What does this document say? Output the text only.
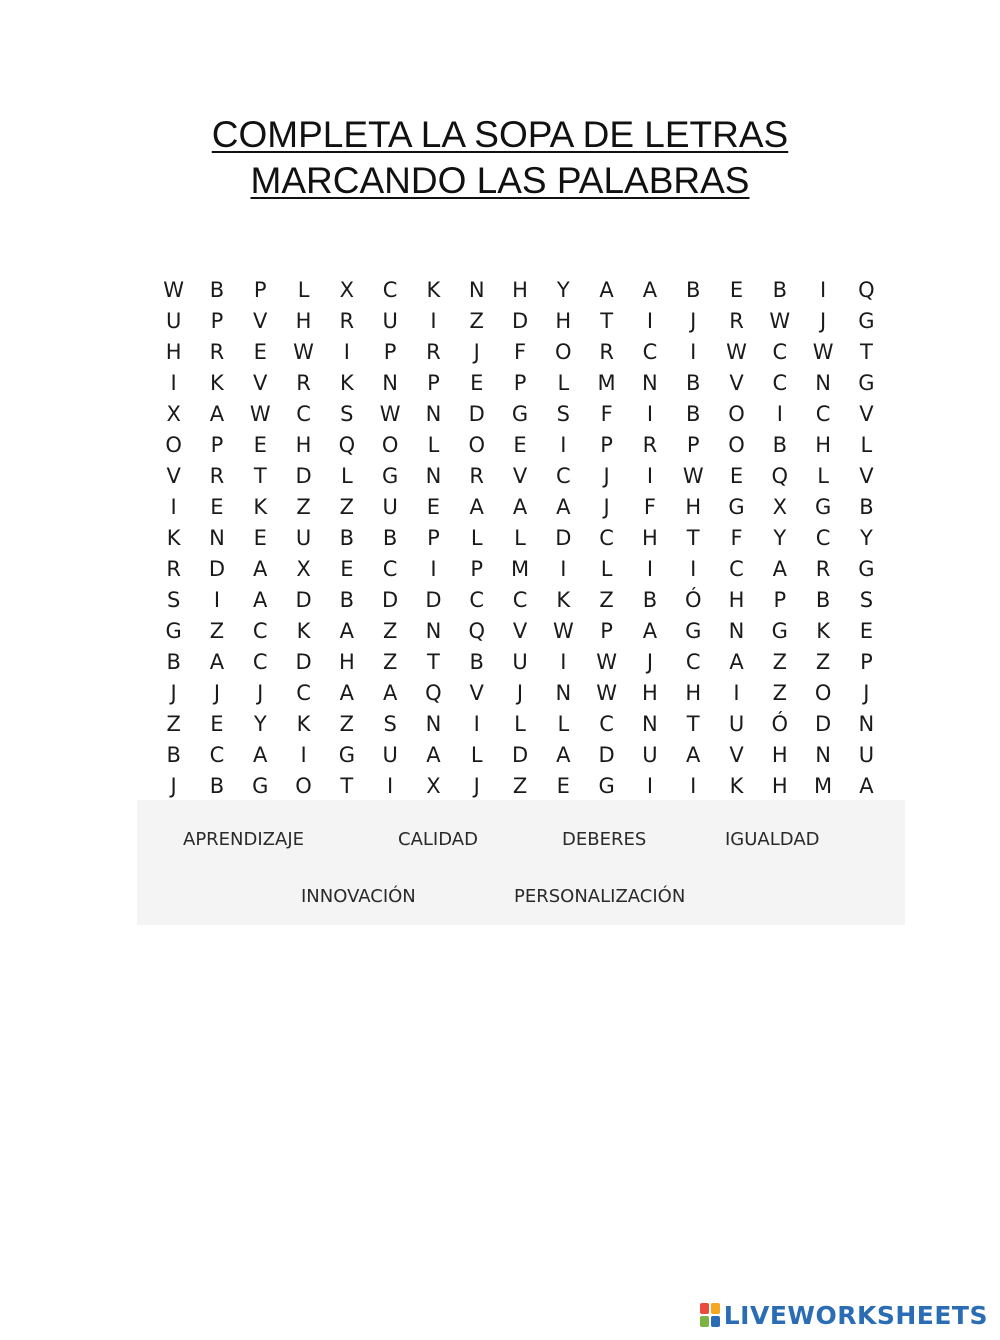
COMPLETA LA SOPA DE LETRAS
MARCANDO LAS PALABRAS
W	B	P	L	X	C	K	N	H	Y	A	A	B	E	B	I	Q
U	P	V	H	R	U	I	Z	D	H	T	I	J	R	W	J	G
H	R	E	W	I	P	R	J	F	O	R	C	I	W	C	W	T
I	K	V	R	K	N	P	E	P	L	M	N	B	V	C	N	G
X	A	W	C	S	W	N	D	G	S	F	I	B	O	I	C	V
O	P	E	H	Q	O	L	O	E	I	P	R	P	O	B	H	L
V	R	T	D	L	G	N	R	V	C	J	I	W	E	Q	L	V
I	E	K	Z	Z	U	E	A	A	A	J	F	H	G	X	G	B
K	N	E	U	B	B	P	L	L	D	C	H	T	F	Y	C	Y
R	D	A	X	E	C	I	P	M	I	L	I	I	C	A	R	G
S	I	A	D	B	D	D	C	C	K	Z	B	Ó	H	P	B	S
G	Z	C	K	A	Z	N	Q	V	W	P	A	G	N	G	K	E
B	A	C	D	H	Z	T	B	U	I	W	J	C	A	Z	Z	P
J	J	J	C	A	A	Q	V	J	N	W	H	H	I	Z	O	J
Z	E	Y	K	Z	S	N	I	L	L	C	N	T	U	Ó	D	N
B	C	A	I	G	U	A	L	D	A	D	U	A	V	H	N	U
J	B	G	O	T	I	X	J	Z	E	G	I	I	K	H	M	A
APRENDIZAJE	CALIDAD	DEBERES	IGUALDAD
INNOVACIÓN	PERSONALIZACIÓN
LIVEWORKSHEETS
